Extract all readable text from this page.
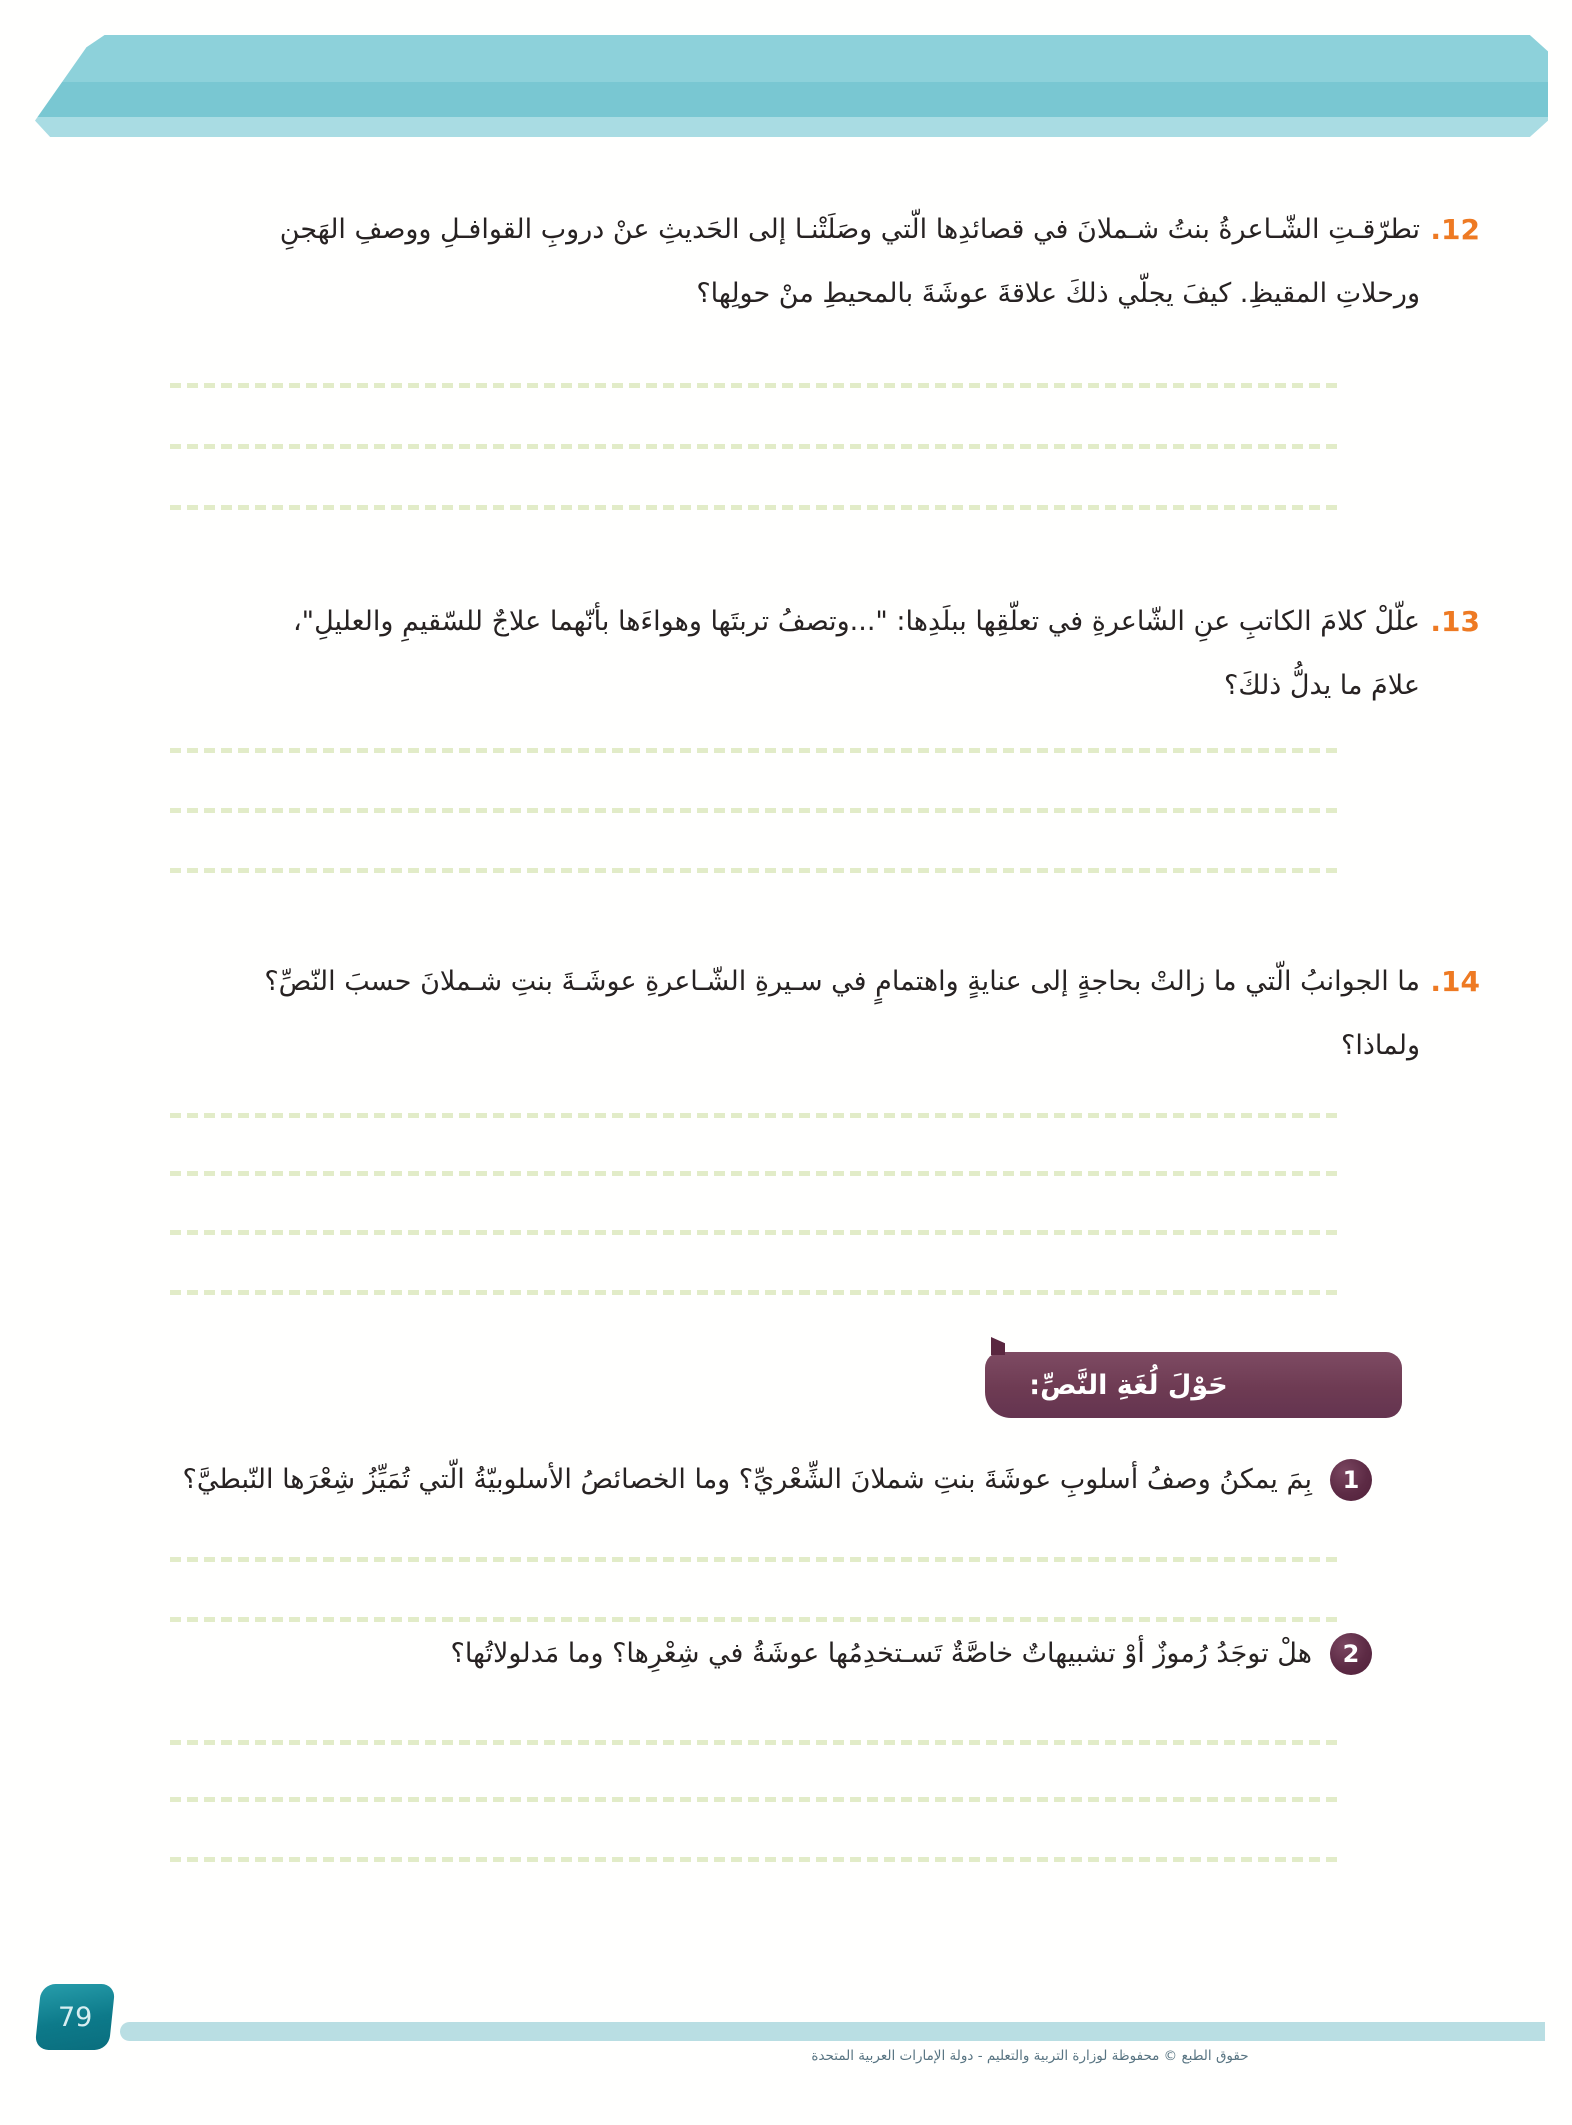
12.

تطرّقـتِ الشّـاعرةُ بنتُ شـملانَ في قصائدِها الّتي وصَلَتْنـا إلى الحَديثِ عنْ دروبِ القوافـلِ ووصفِ الهَجنِ

ورحلاتِ المقيظِ. كيفَ يجلّي ذلكَ علاقةَ عوشَةَ بالمحيطِ منْ حولِها؟

13.

علّلْ كلامَ الكاتبِ عنِ الشّاعرةِ في تعلّقِها ببلَدِها: "...وتصفُ تربتَها وهواءَها بأنّهما علاجٌ للسّقيمِ والعليلِ"،

علامَ ما يدلُّ ذلكَ؟

14.

ما الجوانبُ الّتي ما زالتْ بحاجةٍ إلى عنايةٍ واهتمامٍ في سـيرةِ الشّـاعرةِ عوشَـةَ بنتِ شـملانَ حسبَ النّصِّ؟

ولماذا؟

حَوْلَ لُغَةِ النَّصِّ:
1

بِمَ يمكنُ وصفُ أسلوبِ عوشَةَ بنتِ شملانَ الشِّعْريِّ؟ وما الخصائصُ الأسلوبيّةُ الّتي تُمَيِّزُ شِعْرَها النّبطيَّ؟

2

هلْ توجَدُ رُموزٌ أوْ تشبيهاتٌ خاصَّةٌ تَسـتخدِمُها عوشَةُ في شِعْرِها؟ وما مَدلولاتُها؟

79
حقوق الطبع © محفوظة لوزارة التربية والتعليم - دولة الإمارات العربية المتحدة
